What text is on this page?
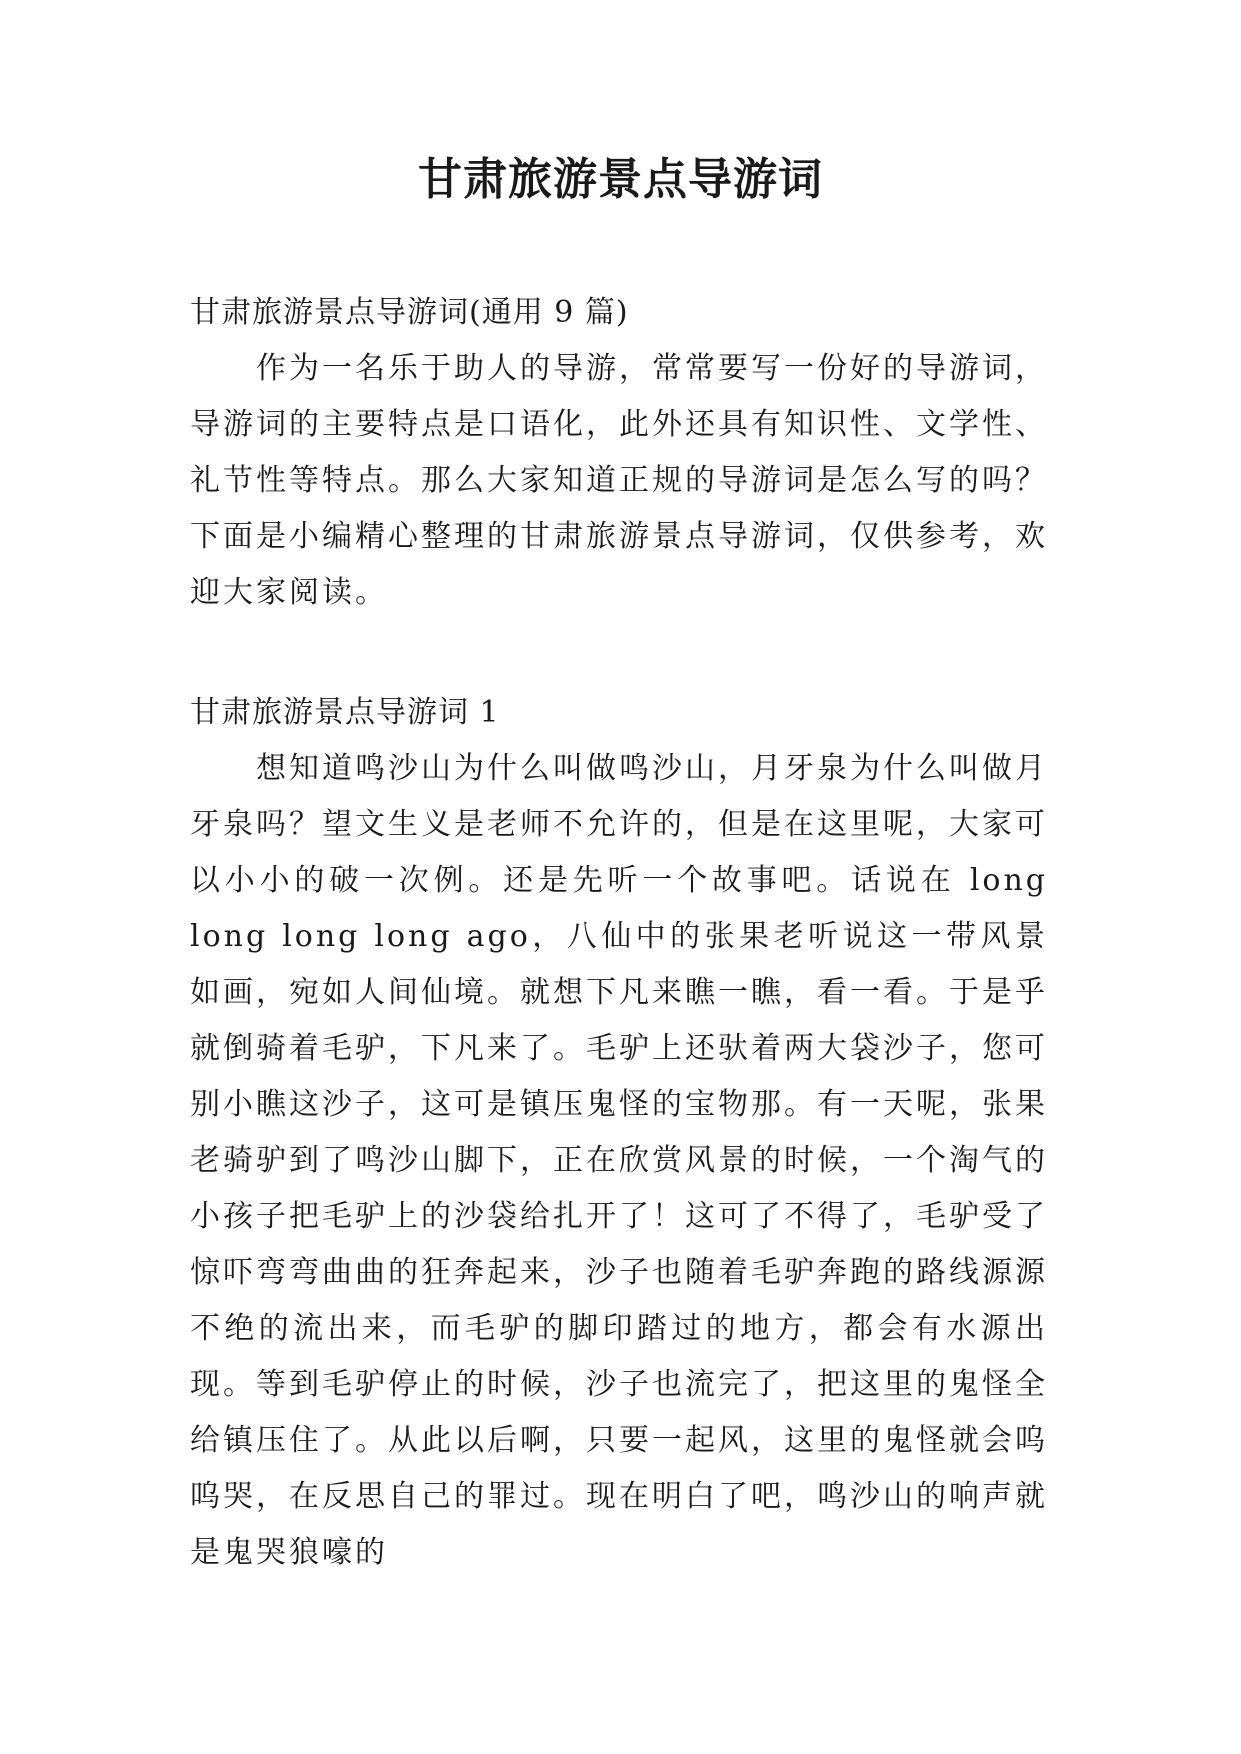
甘肃旅游景点导游词

甘肃旅游景点导游词(通用 9 篇)

作为一名乐于助人的导游，常常要写一份好的导游词，导游词的主要特点是口语化，此外还具有知识性、文学性、礼节性等特点。那么大家知道正规的导游词是怎么写的吗？下面是小编精心整理的甘肃旅游景点导游词，仅供参考，欢迎大家阅读。

甘肃旅游景点导游词 1

想知道鸣沙山为什么叫做鸣沙山，月牙泉为什么叫做月牙泉吗？望文生义是老师不允许的，但是在这里呢，大家可以小小的破一次例。还是先听一个故事吧。话说在 long long long long ago，八仙中的张果老听说这一带风景如画，宛如人间仙境。就想下凡来瞧一瞧，看一看。于是乎就倒骑着毛驴，下凡来了。毛驴上还驮着两大袋沙子，您可别小瞧这沙子，这可是镇压鬼怪的宝物那。有一天呢，张果老骑驴到了鸣沙山脚下，正在欣赏风景的时候，一个淘气的小孩子把毛驴上的沙袋给扎开了！这可了不得了，毛驴受了惊吓弯弯曲曲的狂奔起来，沙子也随着毛驴奔跑的路线源源不绝的流出来，而毛驴的脚印踏过的地方，都会有水源出现。等到毛驴停止的时候，沙子也流完了，把这里的鬼怪全给镇压住了。从此以后啊，只要一起风，这里的鬼怪就会呜呜哭，在反思自己的罪过。现在明白了吧，鸣沙山的响声就是鬼哭狼嚎的
